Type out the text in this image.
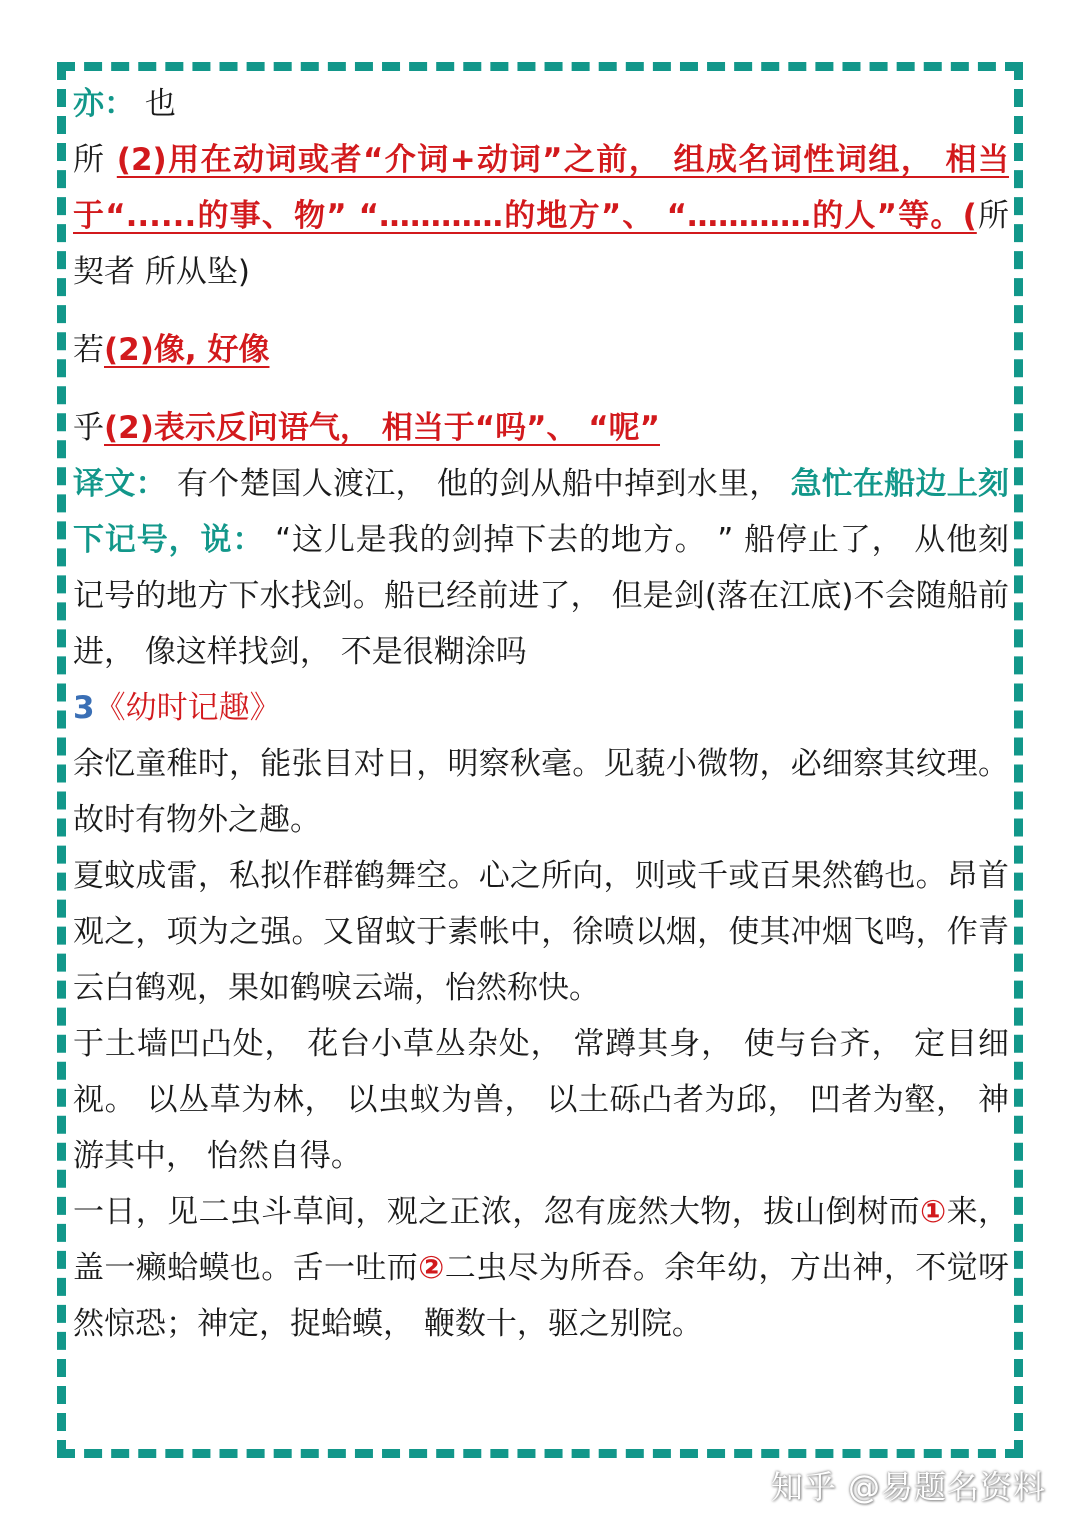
亦： 也

所 (2)用在动词或者“介词+动词”之前， 组成名词性词组， 相当于“......的事、物” “…………的地方”、 “…………的人”等。(所契者 所从坠)

若(2)像, 好像

乎(2)表示反问语气， 相当于“吗”、 “呢”

译文： 有个楚国人渡江， 他的剑从船中掉到水里， 急忙在船边上刻下记号，说： “这儿是我的剑掉下去的地方。 ” 船停止了， 从他刻记号的地方下水找剑。船已经前进了， 但是剑(落在江底)不会随船前进， 像这样找剑， 不是很糊涂吗

3《幼时记趣》

余忆童稚时，能张目对日，明察秋毫。见藐小微物，必细察其纹理。故时有物外之趣。

夏蚊成雷，私拟作群鹤舞空。心之所向，则或千或百果然鹤也。昂首观之，项为之强。又留蚊于素帐中，徐喷以烟，使其冲烟飞鸣，作青云白鹤观，果如鹤唳云端，怡然称快。

于土墙凹凸处， 花台小草丛杂处， 常蹲其身， 使与台齐， 定目细视。 以丛草为林， 以虫蚁为兽， 以土砾凸者为邱， 凹者为壑， 神游其中， 怡然自得。

一日，见二虫斗草间，观之正浓，忽有庞然大物，拔山倒树而①来，盖一癞蛤蟆也。舌一吐而②二虫尽为所吞。余年幼，方出神，不觉呀然惊恐；神定，捉蛤蟆， 鞭数十，驱之别院。

知乎 @易题名资料
